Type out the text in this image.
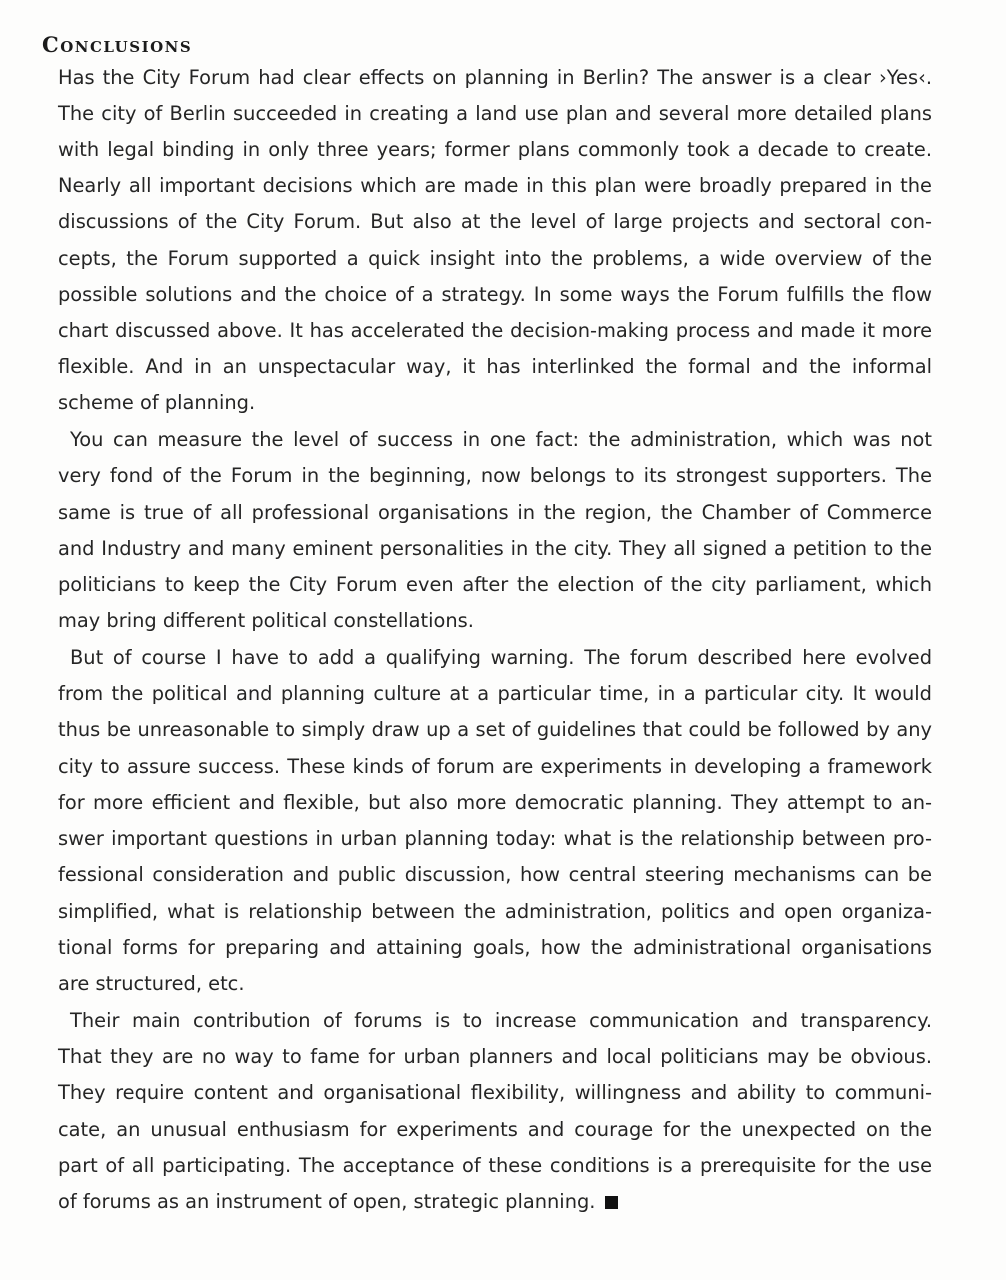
Conclusions

Has the City Forum had clear effects on planning in Berlin? The answer is a clear ›Yes‹.

The city of Berlin succeeded in creating a land use plan and several more detailed plans

with legal binding in only three years; former plans commonly took a decade to create.

Nearly all important decisions which are made in this plan were broadly prepared in the

discussions of the City Forum. But also at the level of large projects and sectoral con-

cepts, the Forum supported a quick insight into the problems, a wide overview of the

possible solutions and the choice of a strategy. In some ways the Forum fulfills the flow

chart discussed above. It has accelerated the decision-making process and made it more

flexible. And in an unspectacular way, it has interlinked the formal and the informal

scheme of planning.

You can measure the level of success in one fact: the administration, which was not

very fond of the Forum in the beginning, now belongs to its strongest supporters. The

same is true of all professional organisations in the region, the Chamber of Commerce

and Industry and many eminent personalities in the city. They all signed a petition to the

politicians to keep the City Forum even after the election of the city parliament, which

may bring different political constellations.

But of course I have to add a qualifying warning. The forum described here evolved

from the political and planning culture at a particular time, in a particular city. It would

thus be unreasonable to simply draw up a set of guidelines that could be followed by any

city to assure success. These kinds of forum are experiments in developing a framework

for more efficient and flexible, but also more democratic planning. They attempt to an-

swer important questions in urban planning today: what is the relationship between pro-

fessional consideration and public discussion, how central steering mechanisms can be

simplified, what is relationship between the administration, politics and open organiza-

tional forms for preparing and attaining goals, how the administrational organisations

are structured, etc.

Their main contribution of forums is to increase communication and transparency.

That they are no way to fame for urban planners and local politicians may be obvious.

They require content and organisational flexibility, willingness and ability to communi-

cate, an unusual enthusiasm for experiments and courage for the unexpected on the

part of all participating. The acceptance of these conditions is a prerequisite for the use

of forums as an instrument of open, strategic planning.
